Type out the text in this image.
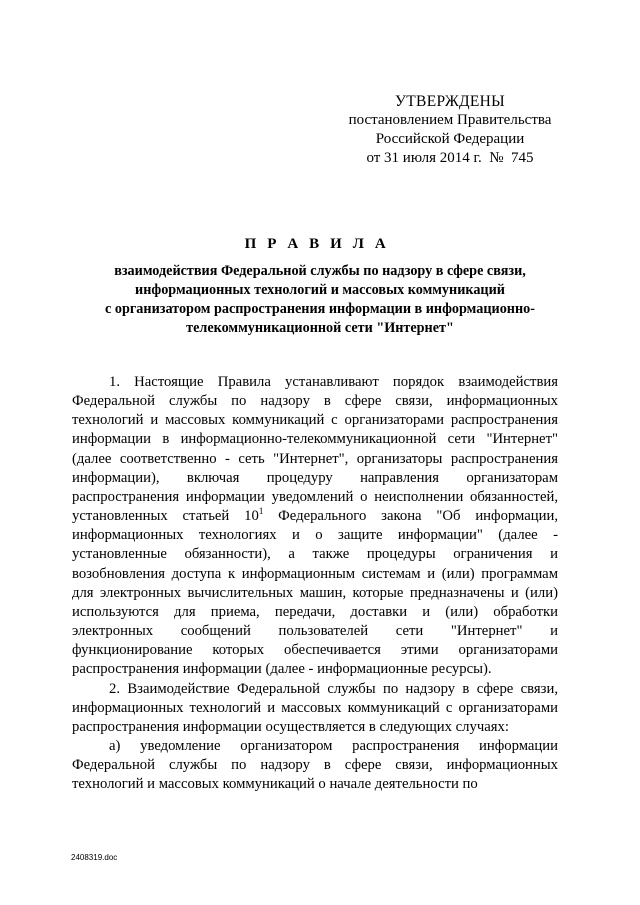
УТВЕРЖДЕНЫ
постановлением Правительства
Российской Федерации
от 31 июля 2014 г.  №  745
П Р А В И Л А
взаимодействия Федеральной службы по надзору в сфере связи,
информационных технологий и массовых коммуникаций
с организатором распространения информации в информационно-
телекоммуникационной сети "Интернет"

1. Настоящие Правила устанавливают порядок взаимодействия Федеральной службы по надзору в сфере связи, информационных технологий и массовых коммуникаций с организаторами распространения информации в информационно-телекоммуникационной сети "Интернет" (далее соответственно - сеть "Интернет", организаторы распространения информации), включая процедуру направления организаторам распространения информации уведомлений о неисполнении обязанностей, установленных статьей $10^1$ Федерального закона "Об информации, информационных технологиях и о защите информации" (далее - установленные обязанности), а также процедуры ограничения и возобновления доступа к информационным системам и (или) программам для электронных вычислительных машин, которые предназначены и (или) используются для приема, передачи, доставки и (или) обработки электронных сообщений пользователей сети "Интернет" и функционирование которых обеспечивается этими организаторами распространения информации (далее - информационные ресурсы).

2. Взаимодействие Федеральной службы по надзору в сфере связи, информационных технологий и массовых коммуникаций с организаторами распространения информации осуществляется в следующих случаях:

а) уведомление организатором распространения информации Федеральной службы по надзору в сфере связи, информационных технологий и массовых коммуникаций о начале деятельности по

2408319.doc
